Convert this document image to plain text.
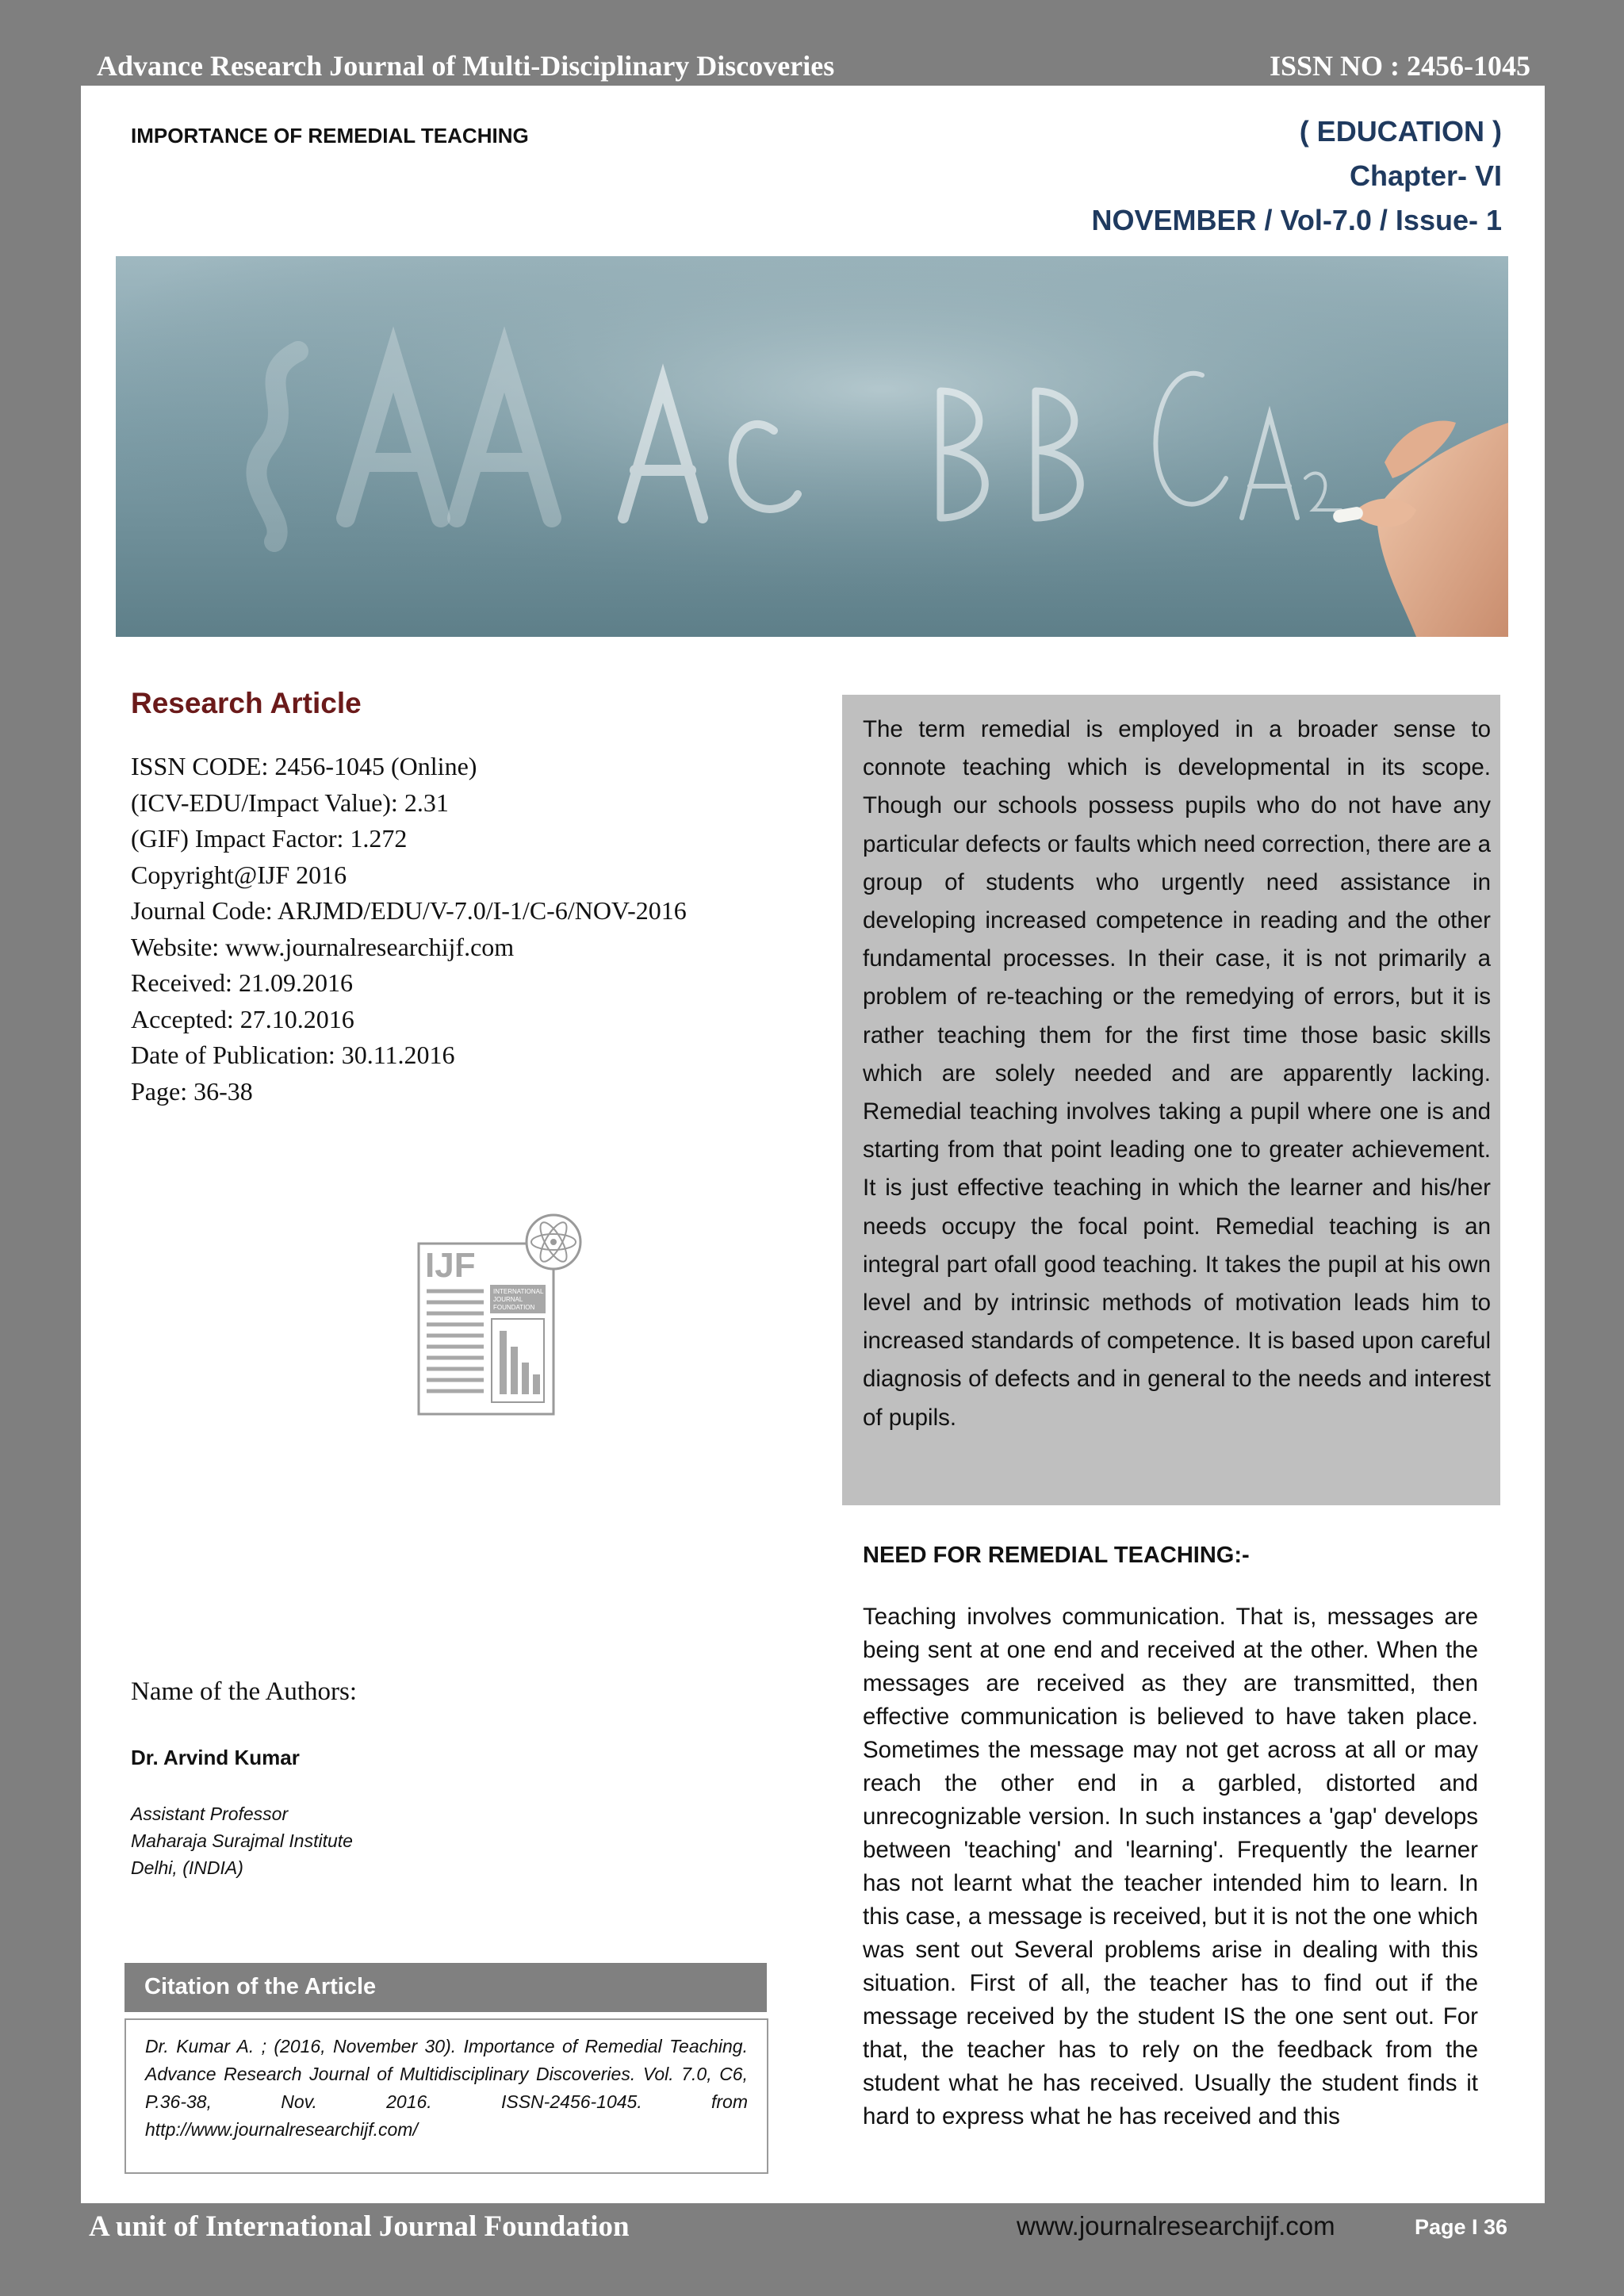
Advance Research Journal of Multi-Disciplinary Discoveries	ISSN NO : 2456-1045
IMPORTANCE OF REMEDIAL TEACHING	( EDUCATION )
Chapter- VI
NOVEMBER / Vol-7.0 / Issue- 1
Research Article
ISSN CODE: 2456-1045 (Online)
(ICV-EDU/Impact Value): 2.31
(GIF) Impact Factor: 1.272
Copyright@IJF 2016
Journal Code: ARJMD/EDU/V-7.0/I-1/C-6/NOV-2016
Website: www.journalresearchijf.com
Received: 21.09.2016
Accepted: 27.10.2016
Date of Publication: 30.11.2016
Page: 36-38
IJF
INTERNATIONAL
JOURNAL
FOUNDATION
Name of the Authors:
Dr. Arvind Kumar
Assistant Professor
Maharaja Surajmal Institute
Delhi, (INDIA)
Citation of the Article

Dr. Kumar A. ; (2016, November 30). Importance of Remedial Teaching. Advance Research Journal of Multidisciplinary Discoveries. Vol. 7.0, C6, P.36-38, Nov. 2016. ISSN-2456-1045. from http://www.journalresearchijf.com/

The term remedial is employed in a broader sense to connote teaching which is developmental in its scope. Though our schools possess pupils who do not have any particular defects or faults which need correction, there are a group of students who urgently need assistance in developing increased competence in reading and the other fundamental processes. In their case, it is not primarily a problem of re-teaching or the remedying of errors, but it is rather teaching them for the first time those basic skills which are solely needed and are apparently lacking. Remedial teaching involves taking a pupil where one is and starting from that point leading one to greater achievement. It is just effective teaching in which the learner and his/her needs occupy the focal point. Remedial teaching is an integral part ofall good teaching. It takes the pupil at his own level and by intrinsic methods of motivation leads him to increased standards of competence. It is based upon careful diagnosis of defects and in general to the needs and interest of pupils.

NEED FOR REMEDIAL TEACHING:-

Teaching involves communication. That is, messages are being sent at one end and received at the other. When the messages are received as they are transmitted, then effective communication is believed to have taken place. Sometimes the message may not get across at all or may reach the other end in a garbled, distorted and unrecognizable version. In such instances a 'gap' develops between 'teaching' and 'learning'. Frequently the learner has not learnt what the teacher intended him to learn. In this case, a message is received, but it is not the one which was sent out Several problems arise in dealing with this situation. First of all, the teacher has to find out if the message received by the student IS the one sent out. For that, the teacher has to rely on the feedback from the student what he has received. Usually the student finds it hard to express what he has received and this

A unit of International Journal Foundation	www.journalresearchijf.com	Page I 36
